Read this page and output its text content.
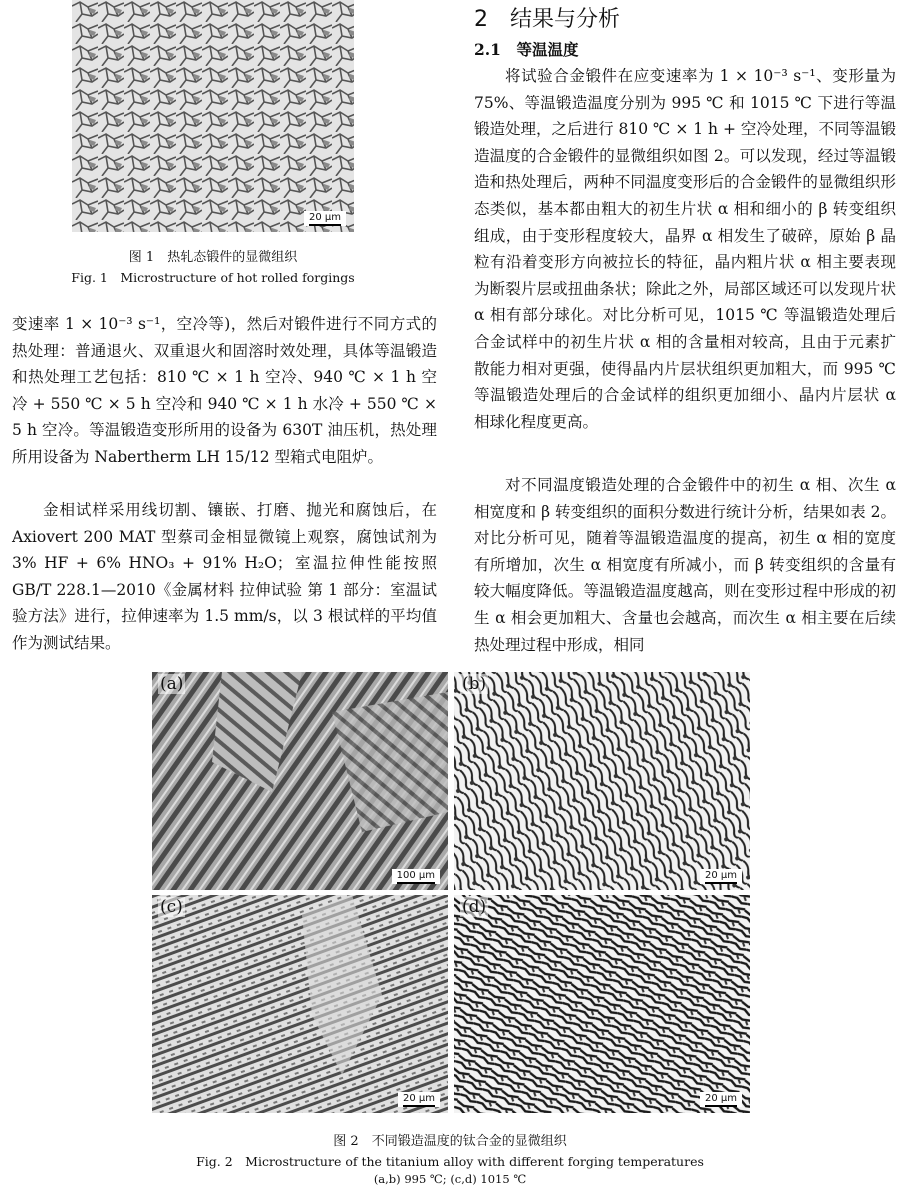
20 μm
图 1　热轧态锻件的显微组织
Fig. 1　Microstructure of hot rolled forgings

变速率 1 × 10⁻³ s⁻¹，空冷等)，然后对锻件进行不同方式的热处理：普通退火、双重退火和固溶时效处理，具体等温锻造和热处理工艺包括：810 ℃ × 1 h 空冷、940 ℃ × 1 h 空冷 + 550 ℃ × 5 h 空冷和 940 ℃ × 1 h 水冷 + 550 ℃ × 5 h 空冷。等温锻造变形所用的设备为 630T 油压机，热处理所用设备为 Nabertherm LH 15/12 型箱式电阻炉。

金相试样采用线切割、镶嵌、打磨、抛光和腐蚀后，在 Axiovert 200 MAT 型蔡司金相显微镜上观察，腐蚀试剂为 3% HF + 6% HNO₃ + 91% H₂O；室温拉伸性能按照 GB/T 228.1—2010《金属材料 拉伸试验 第 1 部分：室温试验方法》进行，拉伸速率为 1.5 mm/s，以 3 根试样的平均值作为测试结果。

2　结果与分析
2.1　等温温度

将试验合金锻件在应变速率为 1 × 10⁻³ s⁻¹、变形量为 75%、等温锻造温度分别为 995 ℃ 和 1015 ℃ 下进行等温锻造处理，之后进行 810 ℃ × 1 h + 空冷处理，不同等温锻造温度的合金锻件的显微组织如图 2。可以发现，经过等温锻造和热处理后，两种不同温度变形后的合金锻件的显微组织形态类似，基本都由粗大的初生片状 α 相和细小的 β 转变组织组成，由于变形程度较大，晶界 α 相发生了破碎，原始 β 晶粒有沿着变形方向被拉长的特征，晶内粗片状 α 相主要表现为断裂片层或扭曲条状；除此之外，局部区域还可以发现片状 α 相有部分球化。对比分析可见，1015 ℃ 等温锻造处理后合金试样中的初生片状 α 相的含量相对较高，且由于元素扩散能力相对更强，使得晶内片层状组织更加粗大，而 995 ℃ 等温锻造处理后的合金试样的组织更加细小、晶内片层状 α 相球化程度更高。

对不同温度锻造处理的合金锻件中的初生 α 相、次生 α 相宽度和 β 转变组织的面积分数进行统计分析，结果如表 2。对比分析可见，随着等温锻造温度的提高，初生 α 相的宽度有所增加，次生 α 相宽度有所减小，而 β 转变组织的含量有较大幅度降低。等温锻造温度越高，则在变形过程中形成的初生 α 相会更加粗大、含量也会越高，而次生 α 相主要在后续热处理过程中形成，相同

(a)
100 μm
(b)
20 μm
(c)
20 μm
(d)
20 μm
图 2　不同锻造温度的钛合金的显微组织
Fig. 2　Microstructure of the titanium alloy with different forging temperatures
(a,b) 995 ℃; (c,d) 1015 ℃
